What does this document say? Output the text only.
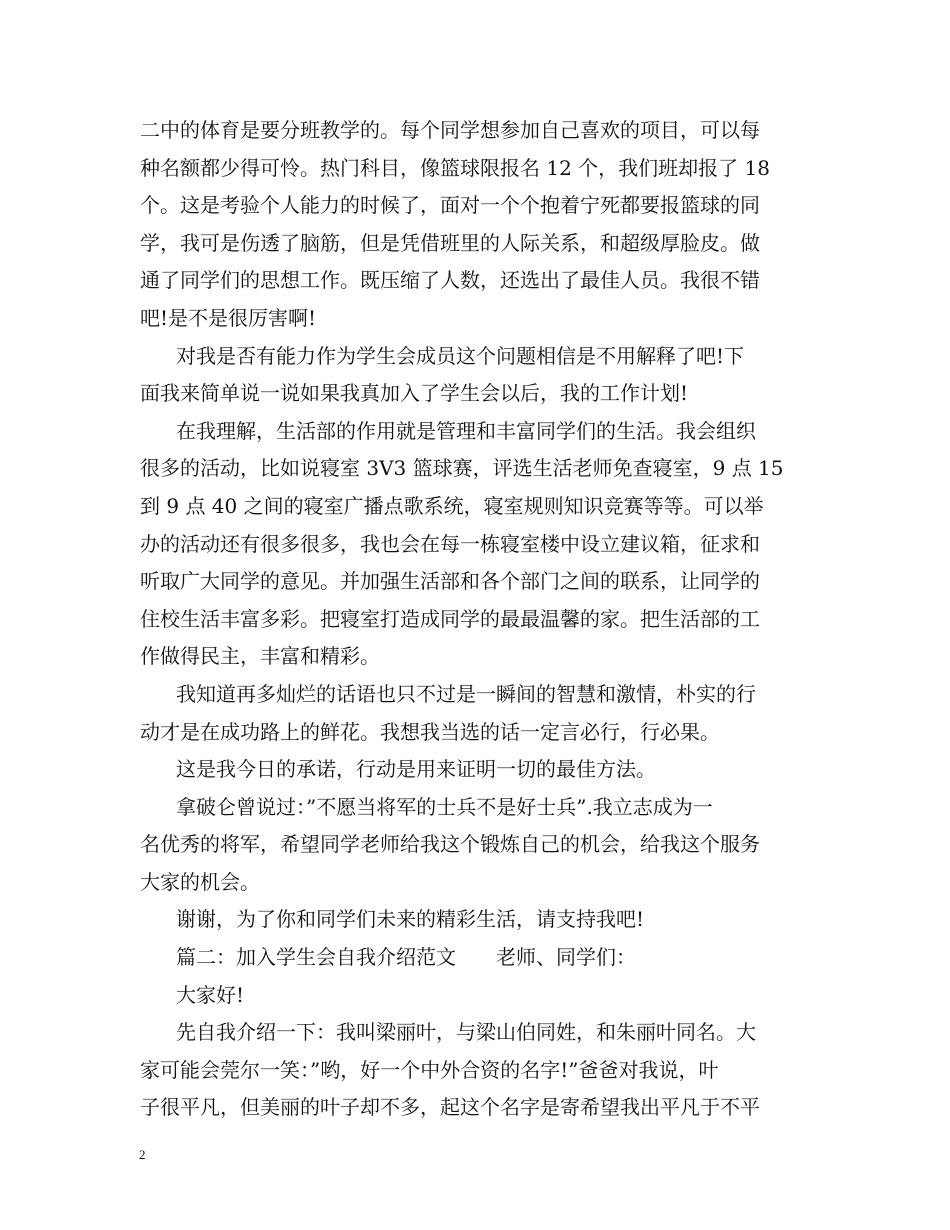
二中的体育是要分班教学的。每个同学想参加自己喜欢的项目，可以每
种名额都少得可怜。热门科目，像篮球限报名 12 个，我们班却报了 18
个。这是考验个人能力的时候了，面对一个个抱着宁死都要报篮球的同
学，我可是伤透了脑筋，但是凭借班里的人际关系，和超级厚脸皮。做
通了同学们的思想工作。既压缩了人数，还选出了最佳人员。我很不错
吧!是不是很厉害啊!
对我是否有能力作为学生会成员这个问题相信是不用解释了吧!下
面我来简单说一说如果我真加入了学生会以后，我的工作计划!
在我理解，生活部的作用就是管理和丰富同学们的生活。我会组织
很多的活动，比如说寝室 3V3 篮球赛，评选生活老师免查寝室，9 点 15
到 9 点 40 之间的寝室广播点歌系统，寝室规则知识竞赛等等。可以举
办的活动还有很多很多，我也会在每一栋寝室楼中设立建议箱，征求和
听取广大同学的意见。并加强生活部和各个部门之间的联系，让同学的
住校生活丰富多彩。把寝室打造成同学的最最温馨的家。把生活部的工
作做得民主，丰富和精彩。
我知道再多灿烂的话语也只不过是一瞬间的智慧和激情，朴实的行
动才是在成功路上的鲜花。我想我当选的话一定言必行，行必果。
这是我今日的承诺，行动是用来证明一切的最佳方法。
拿破仑曾说过：”不愿当将军的士兵不是好士兵”.我立志成为一
名优秀的将军，希望同学老师给我这个锻炼自己的机会，给我这个服务
大家的机会。
谢谢，为了你和同学们未来的精彩生活，请支持我吧!
篇二：加入学生会自我介绍范文　　老师、同学们：
大家好!
先自我介绍一下：我叫梁丽叶，与梁山伯同姓，和朱丽叶同名。大
家可能会莞尔一笑：”哟，好一个中外合资的名字!”爸爸对我说，叶
子很平凡，但美丽的叶子却不多，起这个名字是寄希望我出平凡于不平
2
